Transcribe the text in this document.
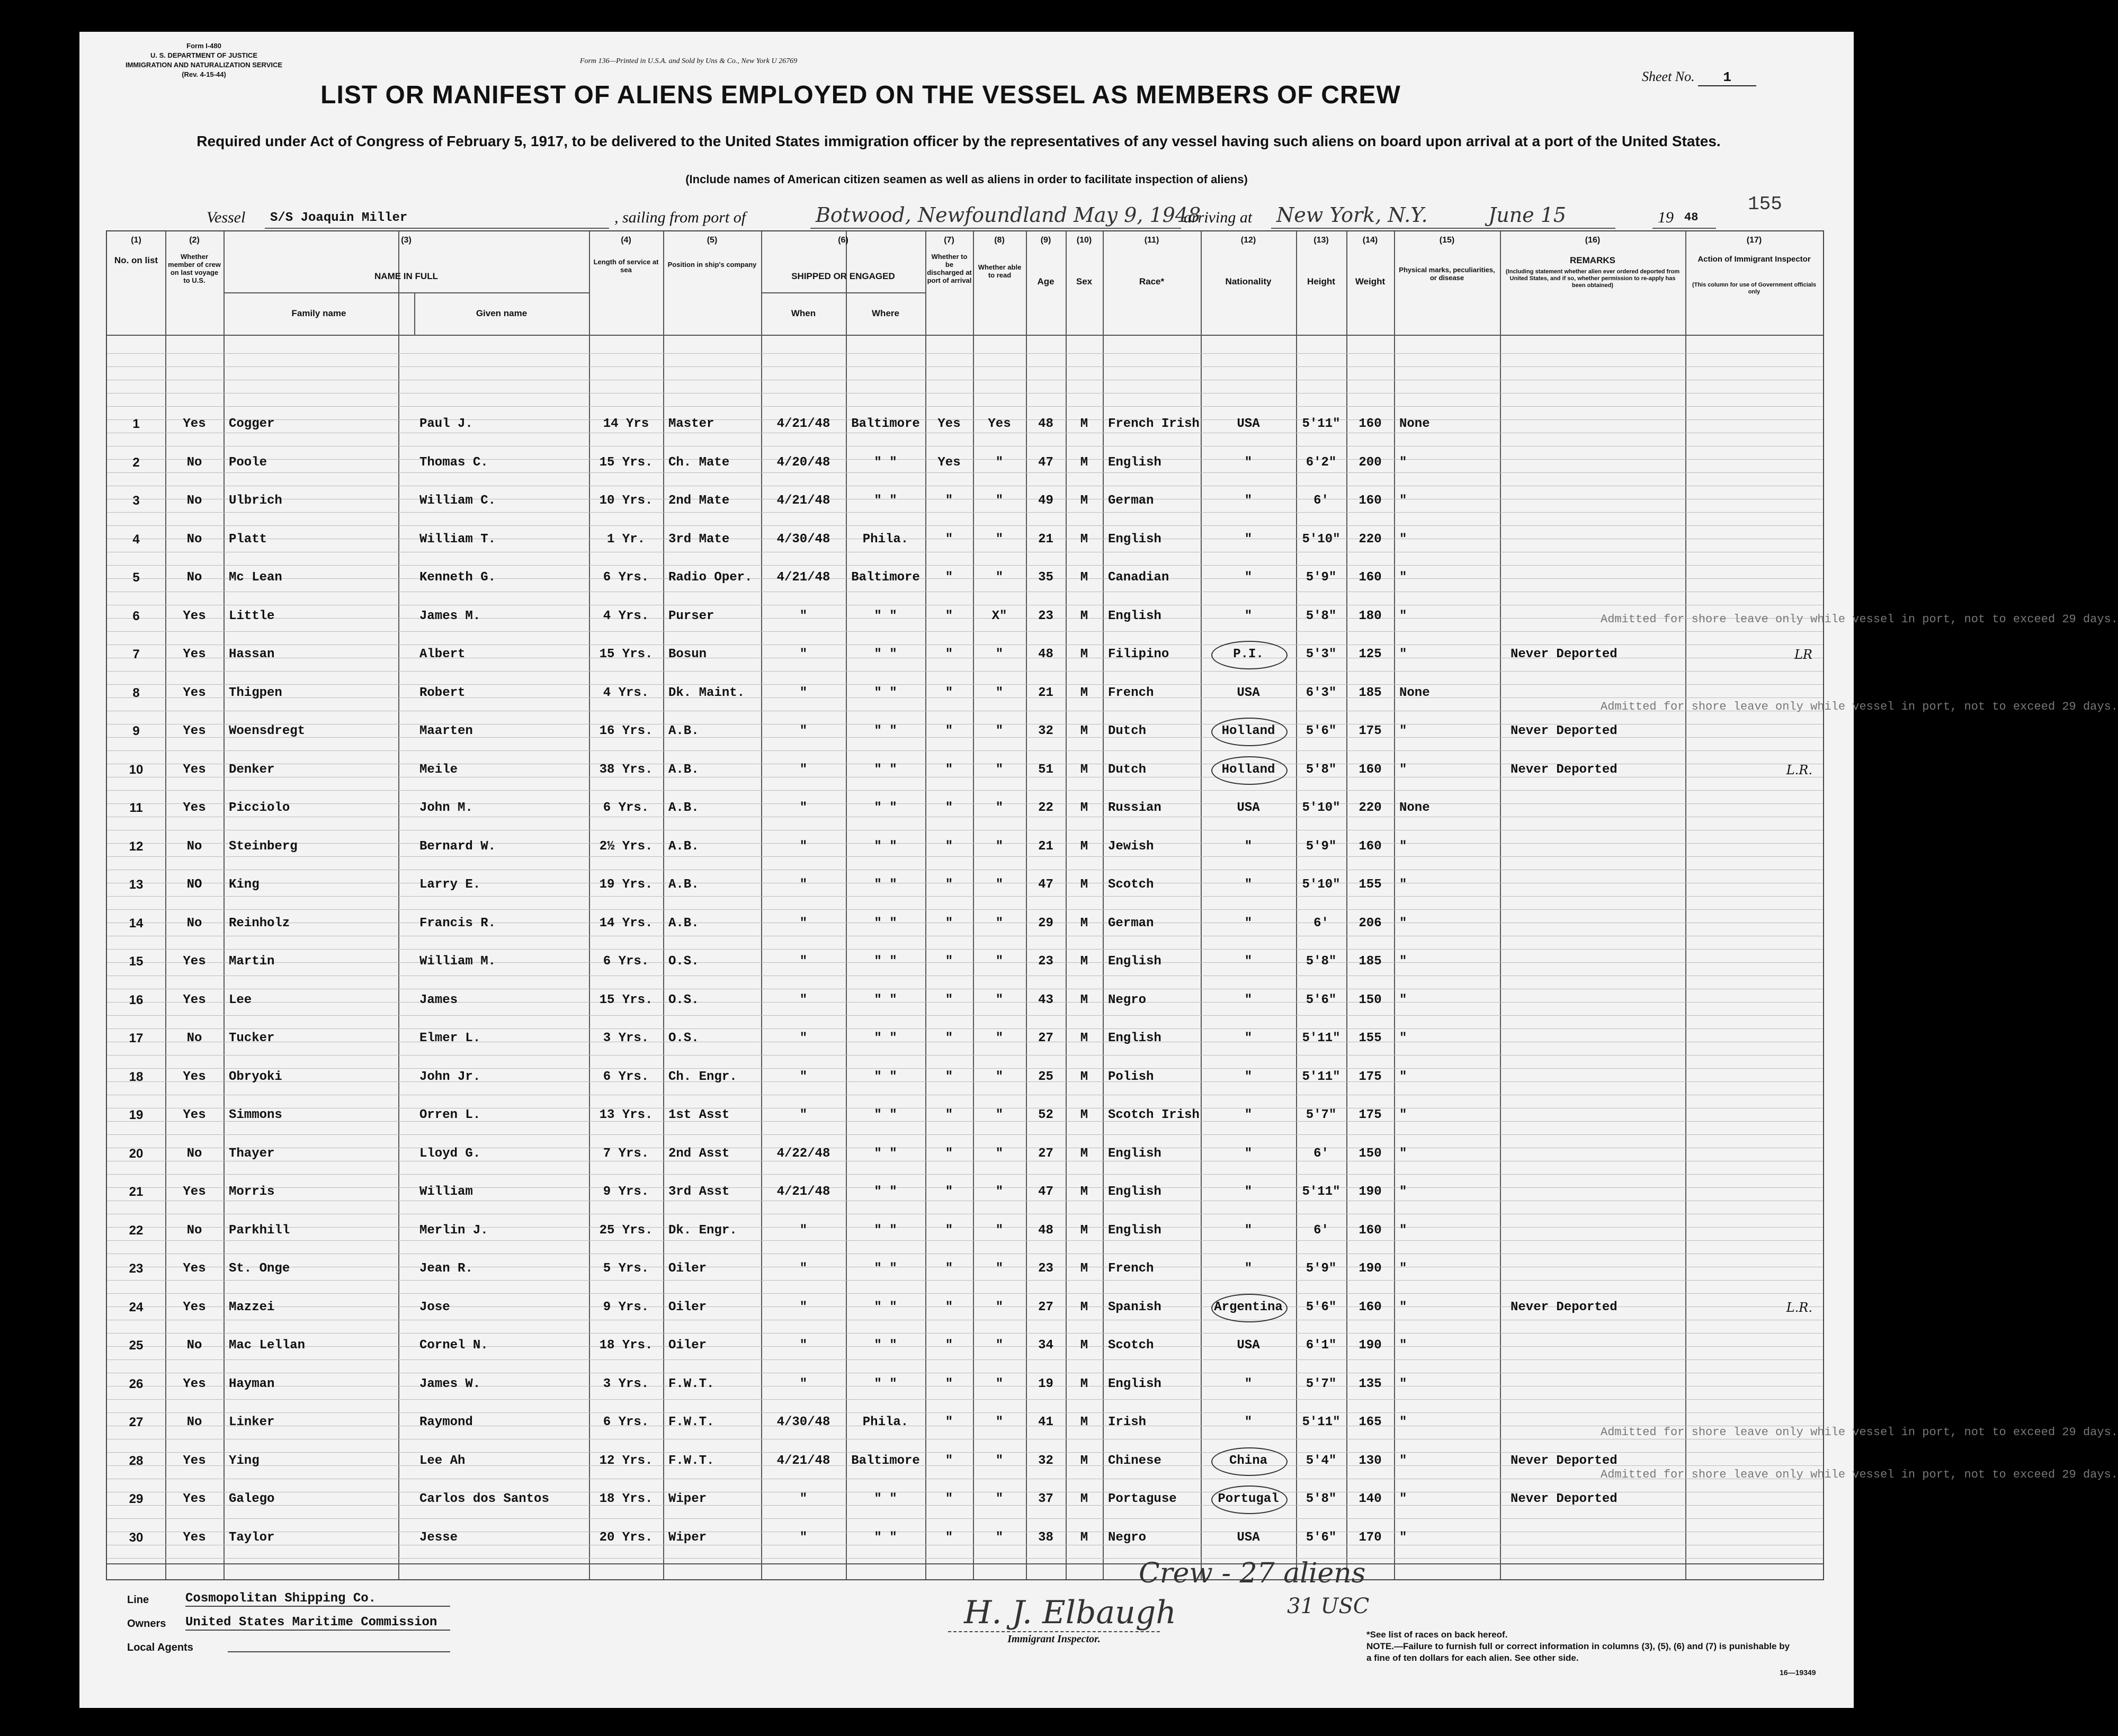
Form I-480
U. S. DEPARTMENT OF JUSTICE
IMMIGRATION AND NATURALIZATION SERVICE
(Rev. 4-15-44)
Form 136—Printed in U.S.A. and Sold by Uns & Co., New York U 26769
LIST OR MANIFEST OF ALIENS EMPLOYED ON THE VESSEL AS MEMBERS OF CREW
Sheet No. 1
Required under Act of Congress of February 5, 1917, to be delivered to the United States immigration officer by the representatives of any vessel having such aliens on board upon arrival at a port of the United States.
(Include names of American citizen seamen as well as aliens in order to facilitate inspection of aliens)
Vessel S/S Joaquin Miller	, sailing from port of	Botwood, Newfoundland May 9, 1948
arriving at New York, N.Y.	June 15	19 48
155
(1)	(2)	(3)	(4)	(5)	(6)	(7)	(8)	(9)	(10)	(11)	(12)	(13)	(14)	(15)	(16)	(17)
No. on list	Whether member of crew on last voyage to U.S.	NAME IN FULL
Family name	Given name
Length of service at sea
Position in ship's company
SHIPPED OR ENGAGED
When	Where
Whether to be discharged at port of arrival
Whether able to read
Age	Sex	Race*	Nationality	Height	Weight
Physical marks, peculiarities, or disease
REMARKS
(Including statement whether alien ever ordered deported from United States, and if so, whether permission to re-apply has been obtained)
Action of Immigrant Inspector
(This column for use of Government officials only
1	Yes	Cogger	Paul J.	14 Yrs	Master	4/21/48	Baltimore	Yes	Yes	48	M	French Irish	USA	5'11"	160	None
2	No	Poole	Thomas C.	15 Yrs.	Ch. Mate	4/20/48	" "	Yes	"	47	M	English	"	6'2"	200	"
3	No	Ulbrich	William C.	10 Yrs.	2nd Mate	4/21/48	" "	"	"	49	M	German	"	6'	160	"
4	No	Platt	William T.	1 Yr.	3rd Mate	4/30/48	Phila.	"	"	21	M	English	"	5'10"	220	"
5	No	Mc Lean	Kenneth G.	6 Yrs.	Radio Oper.	4/21/48	Baltimore	"	"	35	M	Canadian	"	5'9"	160	"
6	Yes	Little	James M.	4 Yrs.	Purser	"	" "	"	X"	23	M	English	"	5'8"	180	"
7	Yes	Hassan	Albert	15 Yrs.	Bosun	"	" "	"	"	48	M	Filipino	P.I.	5'3"	125	"	Never Deported	LR
8	Yes	Thigpen	Robert	4 Yrs.	Dk. Maint.	"	" "	"	"	21	M	French	USA	6'3"	185	None
9	Yes	Woensdregt	Maarten	16 Yrs.	A.B.	"	" "	"	"	32	M	Dutch	Holland	5'6"	175	"	Never Deported
10	Yes	Denker	Meile	38 Yrs.	A.B.	"	" "	"	"	51	M	Dutch	Holland	5'8"	160	"	Never Deported	L.R.
11	Yes	Picciolo	John M.	6 Yrs.	A.B.	"	" "	"	"	22	M	Russian	USA	5'10"	220	None
12	No	Steinberg	Bernard W.	2½ Yrs.	A.B.	"	" "	"	"	21	M	Jewish	"	5'9"	160	"
13	NO	King	Larry E.	19 Yrs.	A.B.	"	" "	"	"	47	M	Scotch	"	5'10"	155	"
14	No	Reinholz	Francis R.	14 Yrs.	A.B.	"	" "	"	"	29	M	German	"	6'	206	"
15	Yes	Martin	William M.	6 Yrs.	O.S.	"	" "	"	"	23	M	English	"	5'8"	185	"
16	Yes	Lee	James	15 Yrs.	O.S.	"	" "	"	"	43	M	Negro	"	5'6"	150	"
17	No	Tucker	Elmer L.	3 Yrs.	O.S.	"	" "	"	"	27	M	English	"	5'11"	155	"
18	Yes	Obryoki	John Jr.	6 Yrs.	Ch. Engr.	"	" "	"	"	25	M	Polish	"	5'11"	175	"
19	Yes	Simmons	Orren L.	13 Yrs.	1st Asst	"	" "	"	"	52	M	Scotch Irish	"	5'7"	175	"
20	No	Thayer	Lloyd G.	7 Yrs.	2nd Asst	4/22/48	" "	"	"	27	M	English	"	6'	150	"
21	Yes	Morris	William	9 Yrs.	3rd Asst	4/21/48	" "	"	"	47	M	English	"	5'11"	190	"
22	No	Parkhill	Merlin J.	25 Yrs.	Dk. Engr.	"	" "	"	"	48	M	English	"	6'	160	"
23	Yes	St. Onge	Jean R.	5 Yrs.	Oiler	"	" "	"	"	23	M	French	"	5'9"	190	"
24	Yes	Mazzei	Jose	9 Yrs.	Oiler	"	" "	"	"	27	M	Spanish	Argentina	5'6"	160	"	Never Deported	L.R.
25	No	Mac Lellan	Cornel N.	18 Yrs.	Oiler	"	" "	"	"	34	M	Scotch	USA	6'1"	190	"
26	Yes	Hayman	James W.	3 Yrs.	F.W.T.	"	" "	"	"	19	M	English	"	5'7"	135	"
27	No	Linker	Raymond	6 Yrs.	F.W.T.	4/30/48	Phila.	"	"	41	M	Irish	"	5'11"	165	"
28	Yes	Ying	Lee Ah	12 Yrs.	F.W.T.	4/21/48	Baltimore	"	"	32	M	Chinese	China	5'4"	130	"	Never Deported
29	Yes	Galego	Carlos dos Santos	18 Yrs.	Wiper	"	" "	"	"	37	M	Portaguse	Portugal	5'8"	140	"	Never Deported
30	Yes	Taylor	Jesse	20 Yrs.	Wiper	"	" "	"	"	38	M	Negro	USA	5'6"	170	"
Admitted for shore leave only while vessel in port, not to exceed 29 days.
Admitted for shore leave only while vessel in port, not to exceed 29 days.
Admitted for shore leave only while vessel in port, not to exceed 29 days.
Admitted for shore leave only while vessel in port, not to exceed 29 days.
Line	Cosmopolitan Shipping Co.
Owners United States Maritime Commission
Local Agents
H. J. Elbaugh
Immigrant Inspector.	*See list of races on back hereof.
NOTE.—Failure to furnish full or correct information in columns (3), (5), (6) and (7) is punishable by a fine of ten dollars for each alien. See other side.
16—19349
Crew - 27 aliens
31 USC
